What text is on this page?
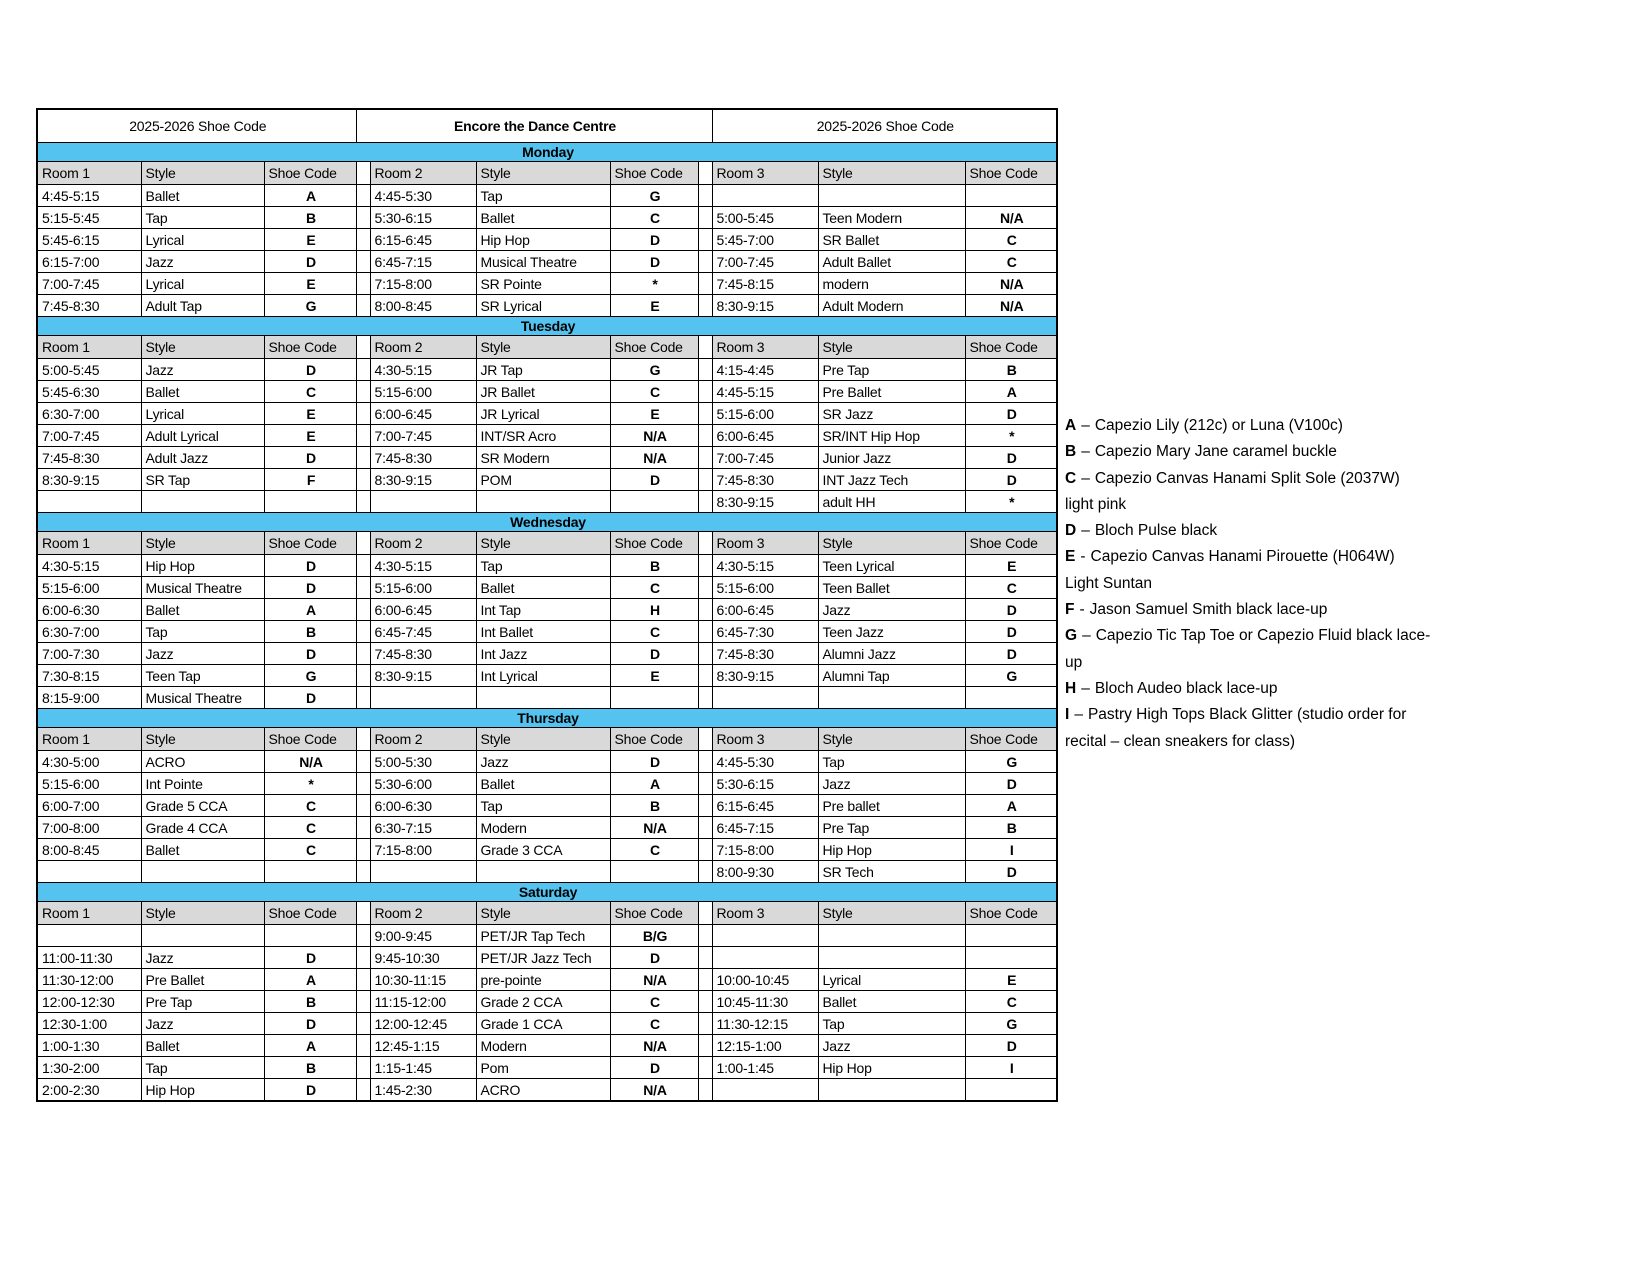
2025-2026 Shoe Code			Encore the Dance Centre					2025-2026 Shoe Code		
Monday										
Room 1	Style	Shoe Code		Room 2	Style	Shoe Code		Room 3	Style	Shoe Code
4:45-5:15	Ballet	A		4:45-5:30	Tap	G				
5:15-5:45	Tap	B		5:30-6:15	Ballet	C		5:00-5:45	Teen Modern	N/A
5:45-6:15	Lyrical	E		6:15-6:45	Hip Hop	D		5:45-7:00	SR Ballet	C
6:15-7:00	Jazz	D		6:45-7:15	Musical Theatre	D		7:00-7:45	Adult Ballet	C
7:00-7:45	Lyrical	E		7:15-8:00	SR Pointe	*		7:45-8:15	modern	N/A
7:45-8:30	Adult Tap	G		8:00-8:45	SR Lyrical	E		8:30-9:15	Adult Modern	N/A
Tuesday										
Room 1	Style	Shoe Code		Room 2	Style	Shoe Code		Room 3	Style	Shoe Code
5:00-5:45	Jazz	D		4:30-5:15	JR Tap	G		4:15-4:45	Pre Tap	B
5:45-6:30	Ballet	C		5:15-6:00	JR Ballet	C		4:45-5:15	Pre Ballet	A
6:30-7:00	Lyrical	E		6:00-6:45	JR Lyrical	E		5:15-6:00	SR Jazz	D
7:00-7:45	Adult Lyrical	E		7:00-7:45	INT/SR Acro	N/A		6:00-6:45	SR/INT Hip Hop	*
7:45-8:30	Adult Jazz	D		7:45-8:30	SR Modern	N/A		7:00-7:45	Junior Jazz	D
8:30-9:15	SR Tap	F		8:30-9:15	POM	D		7:45-8:30	INT Jazz Tech	D
								8:30-9:15	adult HH	*
Wednesday										
Room 1	Style	Shoe Code		Room 2	Style	Shoe Code		Room 3	Style	Shoe Code
4:30-5:15	Hip Hop	D		4:30-5:15	Tap	B		4:30-5:15	Teen Lyrical	E
5:15-6:00	Musical Theatre	D		5:15-6:00	Ballet	C		5:15-6:00	Teen Ballet	C
6:00-6:30	Ballet	A		6:00-6:45	Int Tap	H		6:00-6:45	Jazz	D
6:30-7:00	Tap	B		6:45-7:45	Int Ballet	C		6:45-7:30	Teen Jazz	D
7:00-7:30	Jazz	D		7:45-8:30	Int Jazz	D		7:45-8:30	Alumni Jazz	D
7:30-8:15	Teen Tap	G		8:30-9:15	Int Lyrical	E		8:30-9:15	Alumni Tap	G
8:15-9:00	Musical Theatre	D								
Thursday										
Room 1	Style	Shoe Code		Room 2	Style	Shoe Code		Room 3	Style	Shoe Code
4:30-5:00	ACRO	N/A		5:00-5:30	Jazz	D		4:45-5:30	Tap	G
5:15-6:00	Int Pointe	*		5:30-6:00	Ballet	A		5:30-6:15	Jazz	D
6:00-7:00	Grade 5 CCA	C		6:00-6:30	Tap	B		6:15-6:45	Pre ballet	A
7:00-8:00	Grade 4 CCA	C		6:30-7:15	Modern	N/A		6:45-7:15	Pre Tap	B
8:00-8:45	Ballet	C		7:15-8:00	Grade 3 CCA	C		7:15-8:00	Hip Hop	I
								8:00-9:30	SR Tech	D
Saturday										
Room 1	Style	Shoe Code		Room 2	Style	Shoe Code		Room 3	Style	Shoe Code
				9:00-9:45	PET/JR Tap Tech	B/G				
11:00-11:30	Jazz	D		9:45-10:30	PET/JR Jazz Tech	D				
11:30-12:00	Pre Ballet	A		10:30-11:15	pre-pointe	N/A		10:00-10:45	Lyrical	E
12:00-12:30	Pre Tap	B		11:15-12:00	Grade 2 CCA	C		10:45-11:30	Ballet	C
12:30-1:00	Jazz	D		12:00-12:45	Grade 1 CCA	C		11:30-12:15	Tap	G
1:00-1:30	Ballet	A		12:45-1:15	Modern	N/A		12:15-1:00	Jazz	D
1:30-2:00	Tap	B		1:15-1:45	Pom	D		1:00-1:45	Hip Hop	I
2:00-2:30	Hip Hop	D		1:45-2:30	ACRO	N/A				
A – Capezio Lily (212c) or Luna (V100c)
B – Capezio Mary Jane caramel buckle
C – Capezio Canvas Hanami Split Sole (2037W)
light pink
D – Bloch Pulse black
E - Capezio Canvas Hanami Pirouette (H064W)
Light Suntan
F - Jason Samuel Smith black lace-up
G – Capezio Tic Tap Toe or Capezio Fluid black lace-
up
H – Bloch Audeo black lace-up
I – Pastry High Tops Black Glitter (studio order for
recital – clean sneakers for class)
